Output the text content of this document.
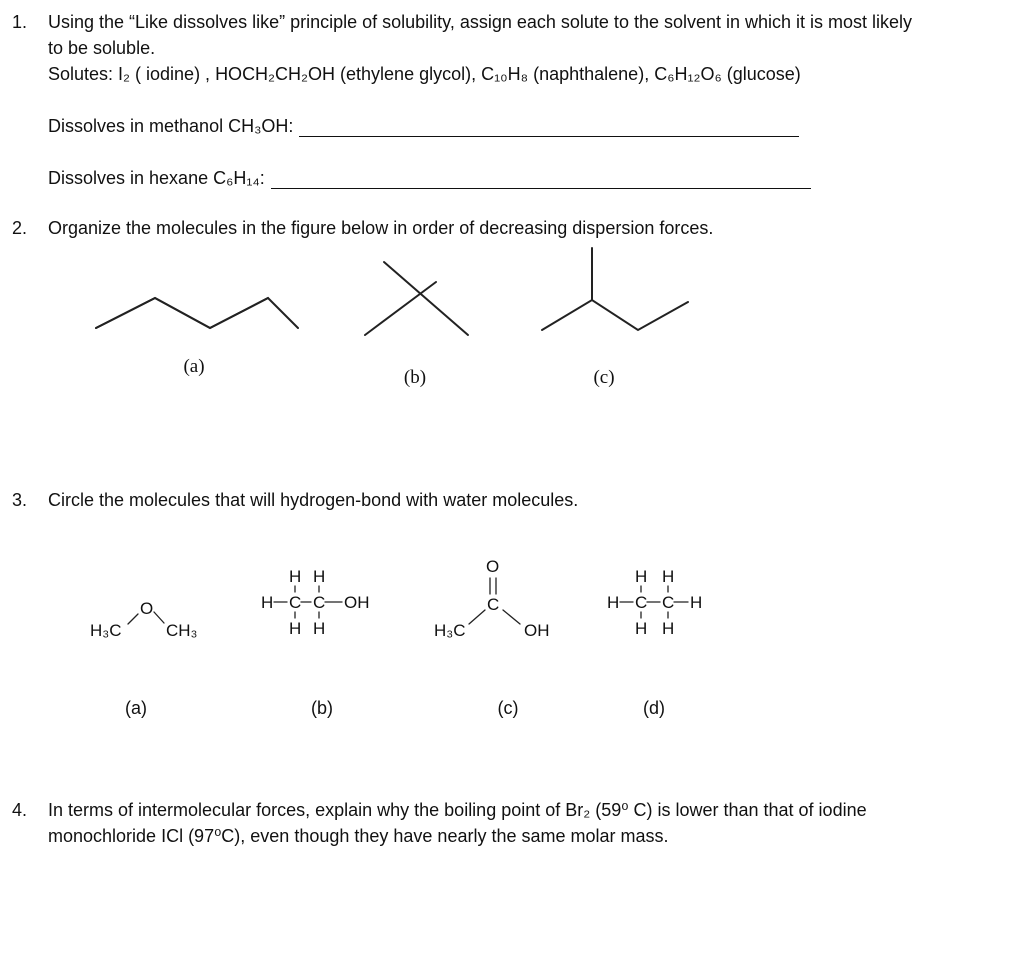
1. Using the “Like dissolves like” principle of solubility, assign each solute to the solvent in which it is most likely
to be soluble.
Solutes: I₂ ( iodine) , HOCH₂CH₂OH (ethylene glycol), C₁₀H₈ (naphthalene), C₆H₁₂O₆ (glucose)
Dissolves in methanol CH₃OH:
Dissolves in hexane C₆H₁₄:
2. Organize the molecules in the figure below in order of decreasing dispersion forces.
(a)
(b)	(c)
3. Circle the molecules that will hydrogen-bond with water molecules.
H₃C
O
CH₃
H H
H C C OH
H H
O
C
H₃C	OH
H H
H C C H
H H
(a)	(b)	(c)	(d)
4. In terms of intermolecular forces, explain why the boiling point of Br₂ (59⁰ C) is lower than that of iodine
monochloride ICl (97⁰C), even though they have nearly the same molar mass.
